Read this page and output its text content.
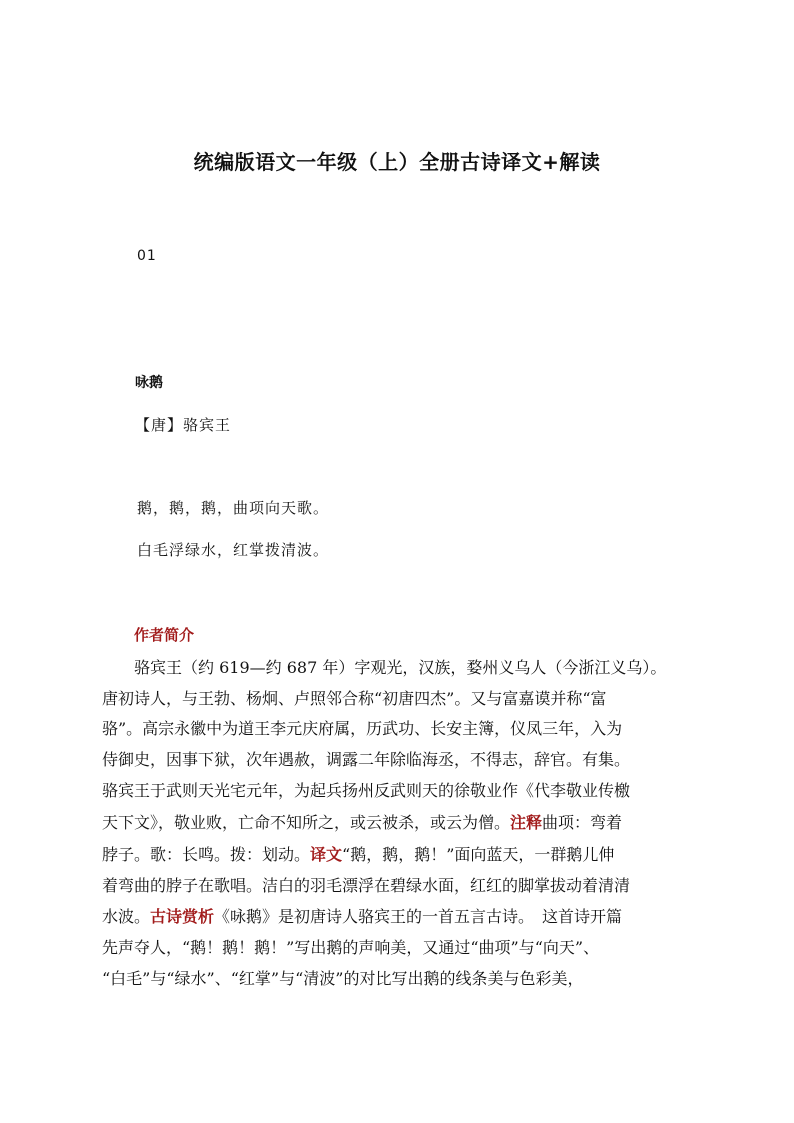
统编版语文一年级（上）全册古诗译文+解读
01
咏鹅
【唐】骆宾王
鹅，鹅，鹅，曲项向天歌。
白毛浮绿水，红掌拨清波。
作者简介
　　骆宾王（约 619—约 687 年）字观光，汉族，婺州义乌人（今浙江义乌）。
唐初诗人，与王勃、杨炯、卢照邻合称“初唐四杰”。又与富嘉谟并称“富
骆”。高宗永徽中为道王李元庆府属，历武功、长安主簿，仪凤三年，入为
侍御史，因事下狱，次年遇赦，调露二年除临海丞，不得志，辞官。有集。
骆宾王于武则天光宅元年，为起兵扬州反武则天的徐敬业作《代李敬业传檄
天下文》，敬业败，亡命不知所之，或云被杀，或云为僧。注释曲项：弯着
脖子。歌：长鸣。拨：划动。译文“鹅，鹅，鹅！”面向蓝天，一群鹅儿伸
着弯曲的脖子在歌唱。洁白的羽毛漂浮在碧绿水面，红红的脚掌拔动着清清
水波。古诗赏析《咏鹅》是初唐诗人骆宾王的一首五言古诗。　这首诗开篇
先声夺人，“鹅！鹅！鹅！”写出鹅的声响美，又通过“曲项”与“向天”、
“白毛”与“绿水”、“红掌”与“清波”的对比写出鹅的线条美与色彩美，
